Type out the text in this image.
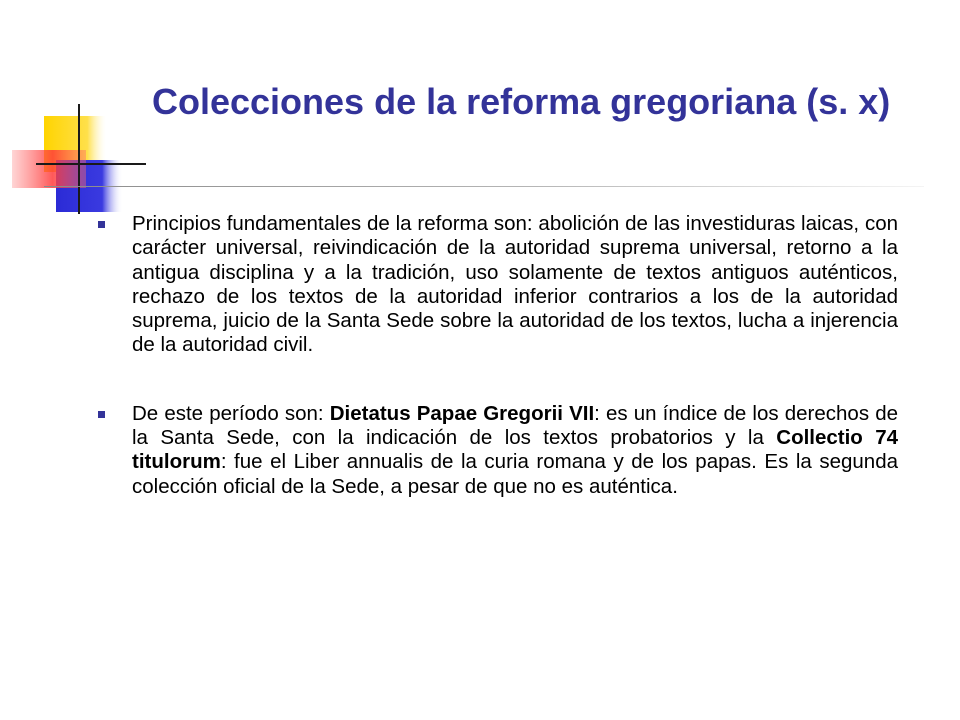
Colecciones de la reforma gregoriana (s. x)
Principios fundamentales de la reforma son: abolición de las investiduras laicas, con carácter universal, reivindicación de la autoridad suprema universal, retorno a la antigua disciplina y a la tradición, uso solamente de textos antiguos auténticos, rechazo de los textos de la autoridad inferior contrarios a los de la autoridad suprema, juicio de la Santa Sede sobre la autoridad de los textos, lucha a injerencia de la autoridad civil.
De este período son: Dietatus Papae Gregorii VII: es un índice de los derechos de la Santa Sede, con la indicación de los textos probatorios y la Collectio 74 titulorum: fue el Liber annualis de la curia romana y de los papas. Es la segunda colección oficial de la Sede, a pesar de que no es auténtica.
